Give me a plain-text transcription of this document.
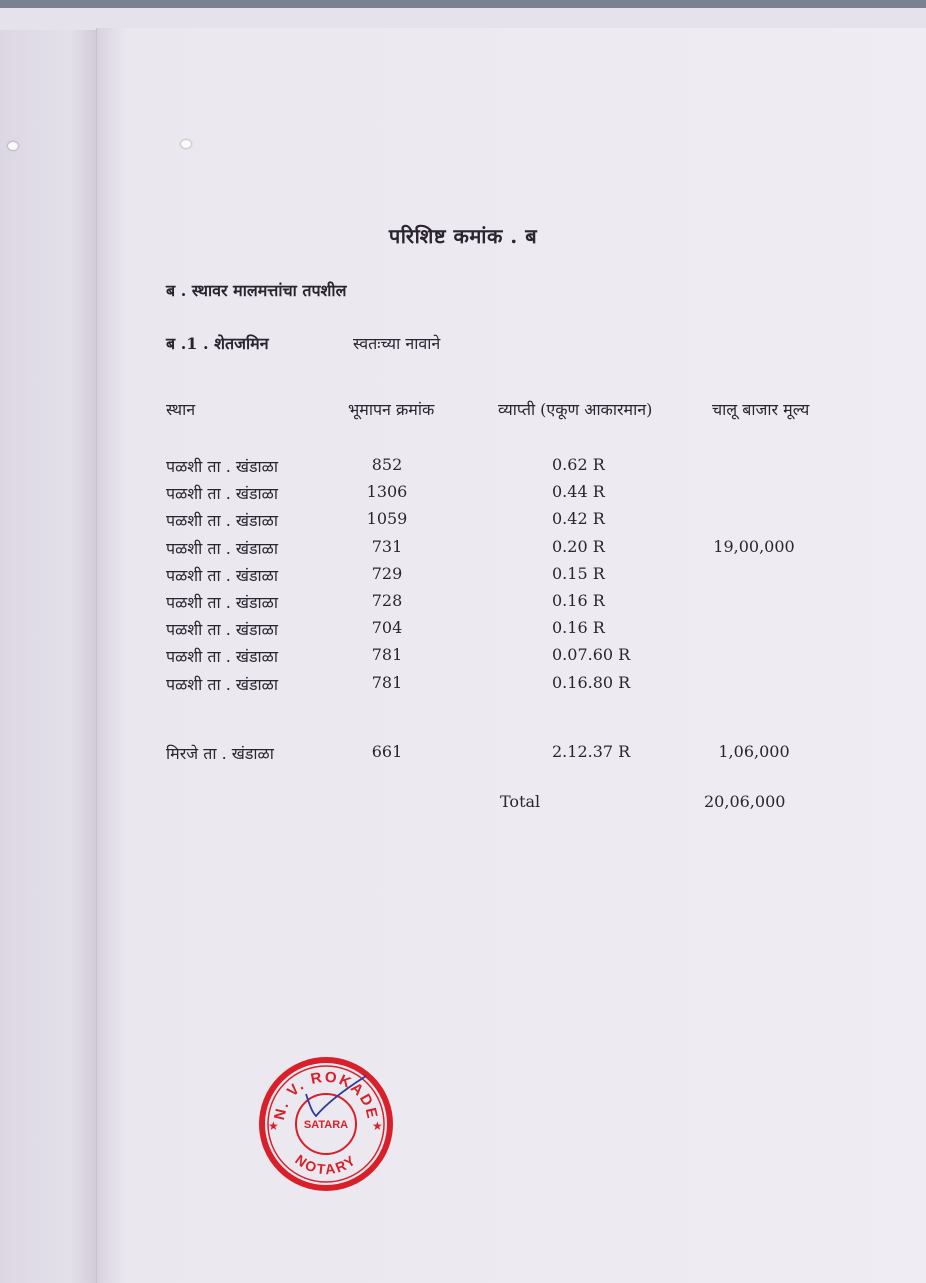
परिशिष्ट कमांक . ब
ब . स्थावर मालमत्तांचा तपशील
ब .1 . शेतजमिन	स्वतःच्या नावाने
स्थान	भूमापन क्रमांक	व्याप्ती (एकूण आकारमान)	चालू बाजार मूल्य
पळशी ता . खंडाळा	852	0.62 R
पळशी ता . खंडाळा	1306	0.44 R
पळशी ता . खंडाळा	1059	0.42 R
पळशी ता . खंडाळा	731	0.20 R	19,00,000
पळशी ता . खंडाळा	729	0.15 R
पळशी ता . खंडाळा	728	0.16 R
पळशी ता . खंडाळा	704	0.16 R
पळशी ता . खंडाळा	781	0.07.60 R
पळशी ता . खंडाळा	781	0.16.80 R
मिरजे ता . खंडाळा	661	2.12.37 R	1,06,000
Total	20,06,000
N. V. ROKADE
NOTARY
SATARA
★	★
